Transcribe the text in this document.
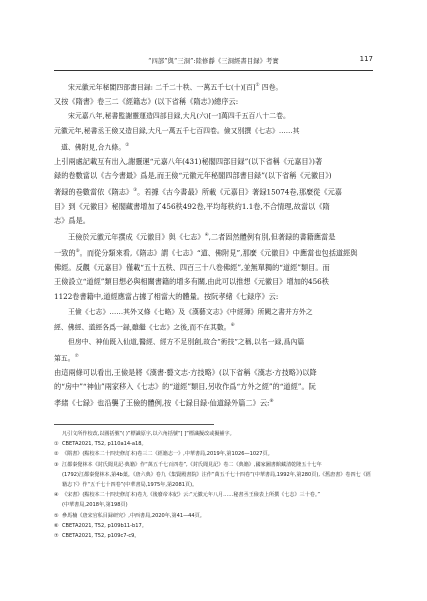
“四部”與“三洞”:陸修靜《三洞經書目録》考實	117
宋元徽元年秘閣四部書目録: 二千二十秩、一萬五千七(十)[百]① 四卷。
又按《隋書》卷三二《經籍志》(以下省稱《隋志》)總序云:
宋元嘉八年,秘書監謝靈運造四部目録,大凡(六)[一]萬四千五百八十二卷。
元徽元年,秘書丞王儉又造目録,大凡一萬五千七百四卷。儉又別撰《七志》……其
道、佛附見,合九條。②
上引兩處記載互有出入,謝靈運“元嘉八年(431)秘閣四部目録”(以下省稱《元嘉目》)著
録的卷數當以《古今書最》爲是,而王儉“元徽元年秘閣四部書目録”(以下省稱《元徽目》)
著録的卷數當依《隋志》③。若據《古今書最》所載《元嘉目》著録15074卷,那麼從《元嘉
目》到《元徽目》秘閣藏書增加了456秩492卷,平均每秩約1.1卷,不合情理,故當以《隋
志》爲是。
王儉於元徽元年撰成《元徽目》與《七志》④,二者固然體例有別,但著録的書籍應當是
一致的⑤。而從分類來看,《隋志》謂《七志》“道、佛附見”,那麼《元徽目》中應當也包括道經與
佛經。反觀《元嘉目》僅載“五十五秩、四百三十八卷佛經”,並無單獨的“道經”類目。而
王儉設立“道經”類目想必與相關書籍的增多有關,由此可以推想《元徽目》增加的456秩
1122卷書籍中,道經應當占據了相當大的體量。按阮孝緒《七録序》云:
王儉《七志》……其外又條《七略》及《漢藝文志》《中經簿》所闕之書并方外之
經、佛經、道經各爲一録,雖繼《七志》之後,而不在其數。⑥
但房中、神仙既入仙道,醫經、經方不足別創,故合“術技”之稱,以名一録,爲內篇
第五。⑦
由這兩條可以看出,王儉是將《漢書·藝文志·方技略》(以下省稱《漢志·方技略》)以降
的“房中”“神仙”兩家移入《七志》的“道經”類目,另收作爲“方外之經”的“道經”。阮
孝緒《七録》也沿襲了王儉的體例,按《七録目録·仙道録外篇二》云:⑧
凡引文所作校改,以圓括號“( )”標識原字,以六角括號“[ ]”標識擬改或擬補字。
① CBETA2021, T52, p110a14-a18。
② 《隋書》(點校本二十四史修訂本)卷三二《經籍志一》,中華書局,2019年,第1026—1027頁。
③ 江都秦覺林本《封氏聞見記·典籍》作“萬五千七百四卷”,《封氏聞見記》卷二《典籍》,國家圖書館藏清乾隆五十七年
(1792)江都秦覺林本,第4b葉。《唐六典》卷九《集賢殿書院》注作“萬五千七十四卷”(中華書局,1992年,第280頁),《舊唐書》卷四七《經籍志下》作“五千七十四卷”(中華書局,1975年,第2081頁)。
④ 《宋書》(點校本二十四史修訂本)卷九《後廢帝本紀》云:“元徽元年八月……秘書丞王儉表上所撰《七志》三十卷。”
(中華書局,2018年,第198頁)
⑤ 參馬楠《唐宋官私目録研究》,中西書局,2020年,第41—44頁。
⑥ CBETA2021, T52, p109b11-b17。
⑦ CBETA2021, T52, p109c7-c9。
